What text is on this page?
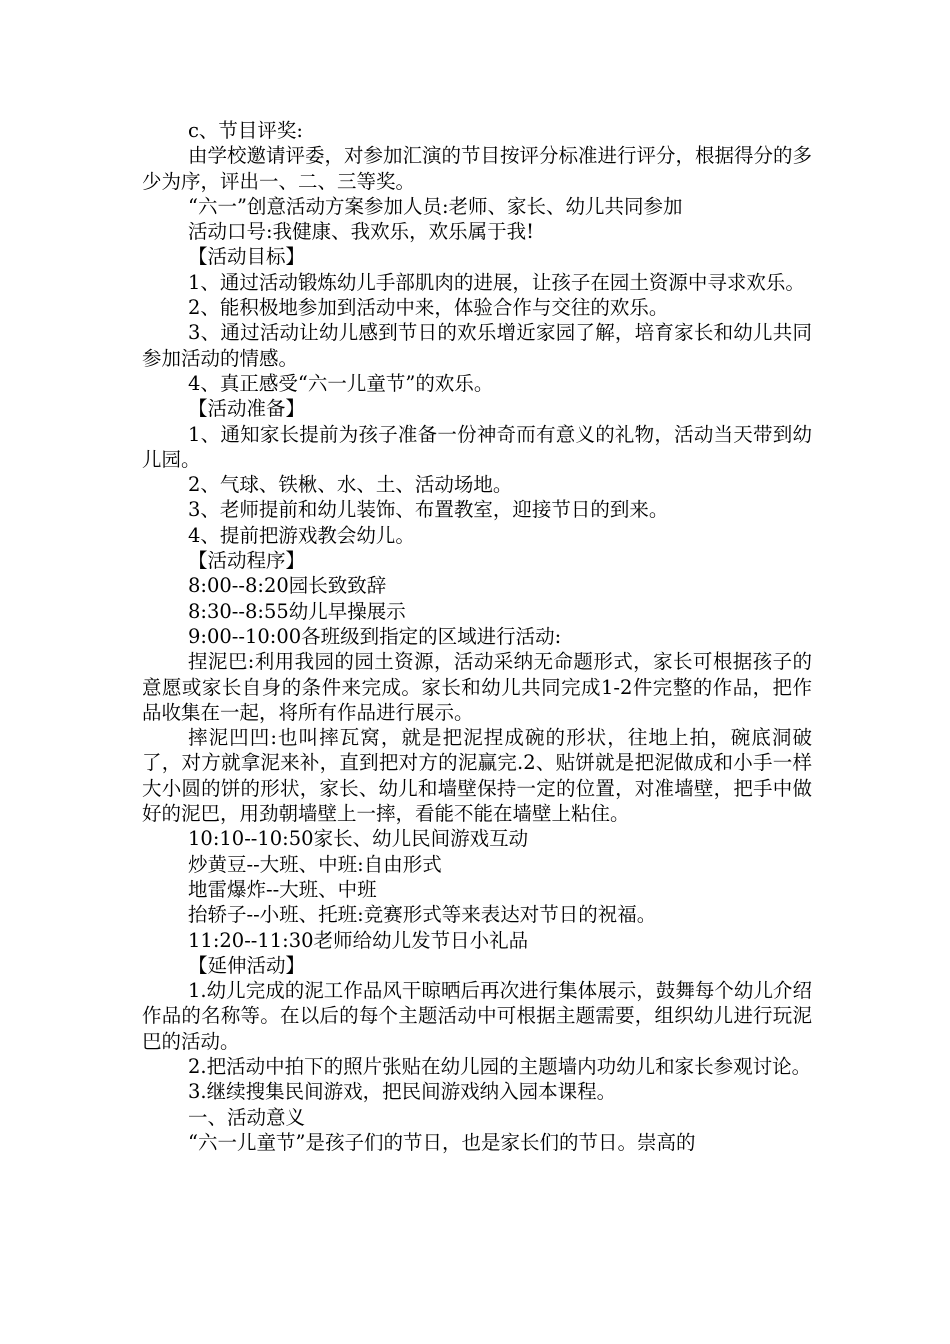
c、节目评奖:

由学校邀请评委，对参加汇演的节目按评分标准进行评分，根据得分的多少为序，评出一、二、三等奖。

“六一”创意活动方案参加人员:老师、家长、幼儿共同参加

活动口号:我健康、我欢乐，欢乐属于我!

【活动目标】

1、通过活动锻炼幼儿手部肌肉的进展，让孩子在园土资源中寻求欢乐。

2、能积极地参加到活动中来，体验合作与交往的欢乐。

3、通过活动让幼儿感到节日的欢乐增近家园了解，培育家长和幼儿共同参加活动的情感。

4、真正感受“六一儿童节”的欢乐。

【活动准备】

1、通知家长提前为孩子准备一份神奇而有意义的礼物，活动当天带到幼儿园。

2、气球、铁楸、水、土、活动场地。

3、老师提前和幼儿装饰、布置教室，迎接节日的到来。

4、提前把游戏教会幼儿。

【活动程序】

8:00--8:20园长致致辞

8:30--8:55幼儿早操展示

9:00--10:00各班级到指定的区域进行活动:

捏泥巴:利用我园的园土资源，活动采纳无命题形式，家长可根据孩子的意愿或家长自身的条件来完成。家长和幼儿共同完成1-2件完整的作品，把作品收集在一起，将所有作品进行展示。

摔泥凹凹:也叫摔瓦窝，就是把泥捏成碗的形状，往地上拍，碗底洞破了，对方就拿泥来补，直到把对方的泥赢完.2、贴饼就是把泥做成和小手一样大小圆的饼的形状，家长、幼儿和墙壁保持一定的位置，对准墙壁，把手中做好的泥巴，用劲朝墙壁上一摔，看能不能在墙壁上粘住。

10:10--10:50家长、幼儿民间游戏互动

炒黄豆--大班、中班:自由形式

地雷爆炸--大班、中班

抬轿子--小班、托班:竞赛形式等来表达对节日的祝福。

11:20--11:30老师给幼儿发节日小礼品

【延伸活动】

1.幼儿完成的泥工作品风干晾晒后再次进行集体展示，鼓舞每个幼儿介绍作品的名称等。在以后的每个主题活动中可根据主题需要，组织幼儿进行玩泥巴的活动。

2.把活动中拍下的照片张贴在幼儿园的主题墙内功幼儿和家长参观讨论。

3.继续搜集民间游戏，把民间游戏纳入园本课程。

一、活动意义

“六一儿童节”是孩子们的节日，也是家长们的节日。崇高的
